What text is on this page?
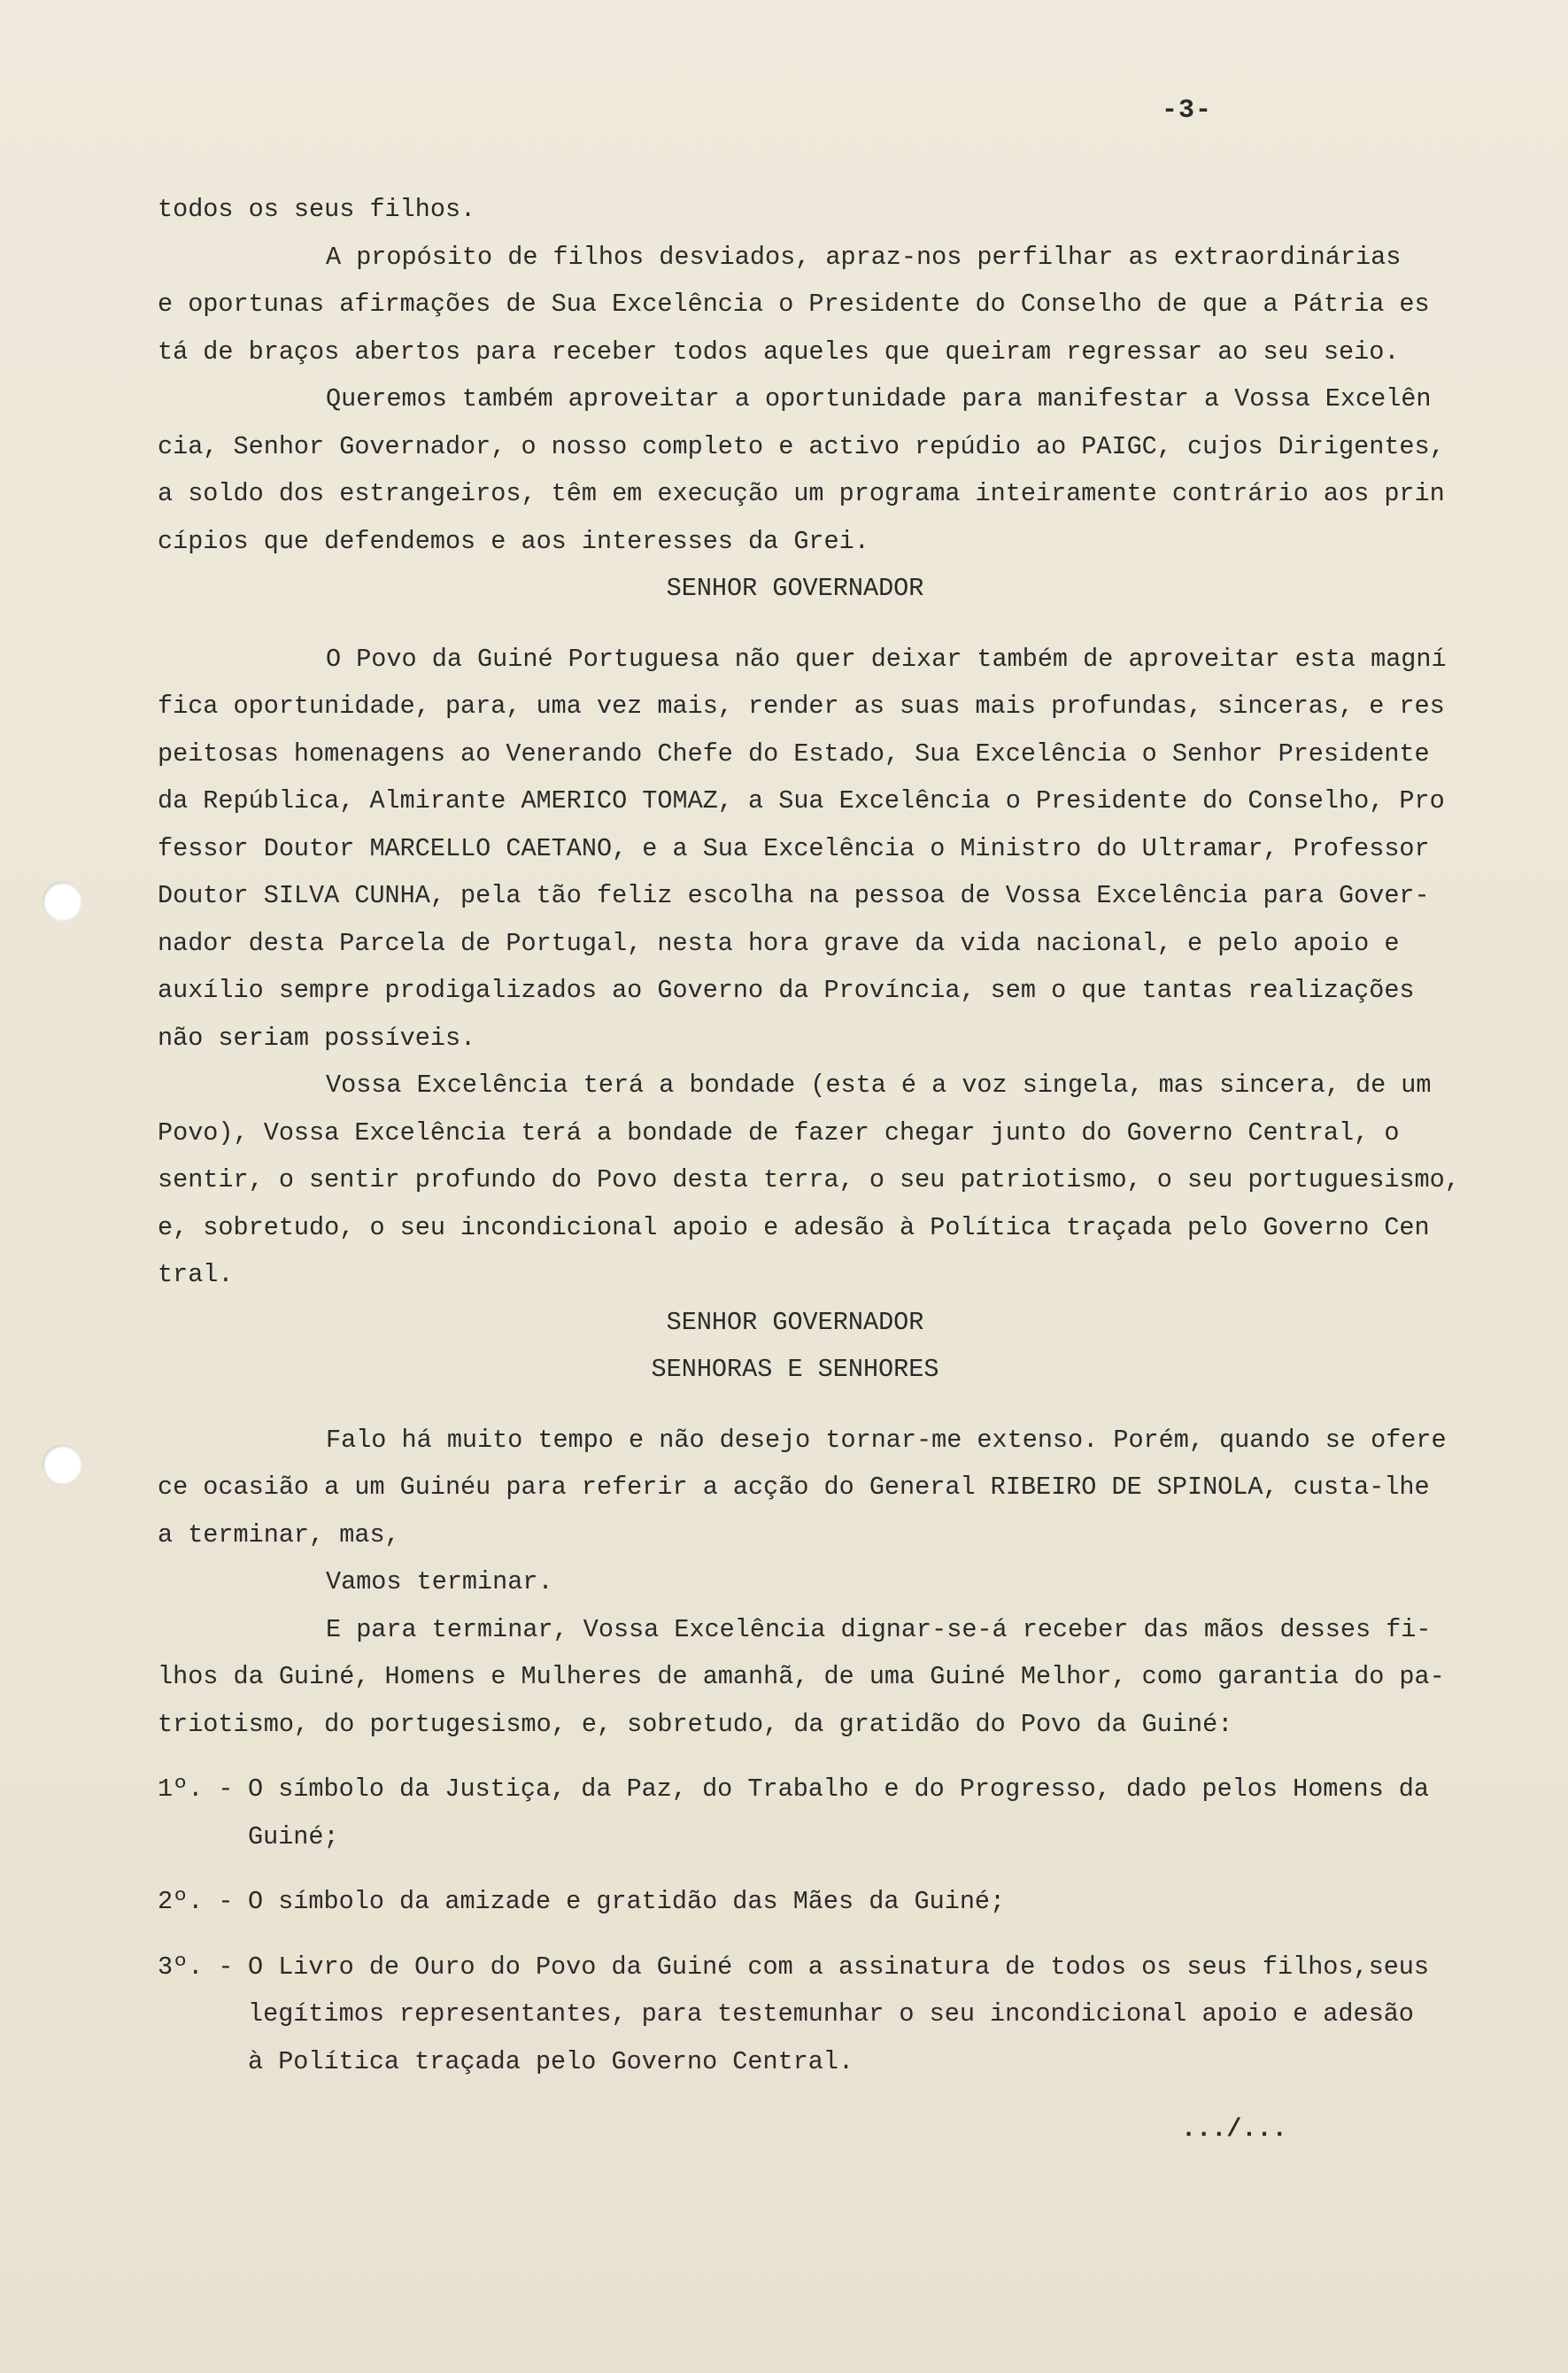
-3-
todos os seus filhos.
A propósito de filhos desviados, apraz-nos perfilhar as extraordinárias
e oportunas afirmações de Sua Excelência o Presidente do Conselho de que a Pátria es
tá de braços abertos para receber todos aqueles que queiram regressar ao seu seio.
Queremos também aproveitar a oportunidade para manifestar a Vossa Excelên
cia, Senhor Governador, o nosso completo e activo repúdio ao PAIGC, cujos Dirigentes,
a soldo dos estrangeiros, têm em execução um programa inteiramente contrário aos prin
cípios que defendemos e aos interesses da Grei.
SENHOR GOVERNADOR
O Povo da Guiné Portuguesa não quer deixar também de aproveitar esta magní
fica oportunidade, para, uma vez mais, render as suas mais profundas, sinceras, e res
peitosas homenagens ao Venerando Chefe do Estado, Sua Excelência o Senhor Presidente
da República, Almirante AMERICO TOMAZ, a Sua Excelência o Presidente do Conselho, Pro
fessor Doutor MARCELLO CAETANO, e a Sua Excelência o Ministro do Ultramar, Professor
Doutor SILVA CUNHA, pela tão feliz escolha na pessoa de Vossa Excelência para Gover-
nador desta Parcela de Portugal, nesta hora grave da vida nacional, e pelo apoio e
auxílio sempre prodigalizados ao Governo da Província, sem o que tantas realizações
não seriam possíveis.
Vossa Excelência terá a bondade (esta é a voz singela, mas sincera, de um
Povo), Vossa Excelência terá a bondade de fazer chegar junto do Governo Central, o
sentir, o sentir profundo do Povo desta terra, o seu patriotismo, o seu portuguesismo,
e, sobretudo, o seu incondicional apoio e adesão à Política traçada pelo Governo Cen
tral.
SENHOR GOVERNADOR
SENHORAS E SENHORES
Falo há muito tempo e não desejo tornar-me extenso. Porém, quando se ofere
ce ocasião a um Guinéu para referir a acção do General RIBEIRO DE SPINOLA, custa-lhe
a terminar, mas,
Vamos terminar.
E para terminar, Vossa Excelência dignar-se-á receber das mãos desses fi-
lhos da Guiné, Homens e Mulheres de amanhã, de uma Guiné Melhor, como garantia do pa-
triotismo, do portugesismo, e, sobretudo, da gratidão do Povo da Guiné:
1º. - O símbolo da Justiça, da Paz, do Trabalho e do Progresso, dado pelos Homens da
Guiné;
2º. - O símbolo da amizade e gratidão das Mães da Guiné;
3º. - O Livro de Ouro do Povo da Guiné com a assinatura de todos os seus filhos,seus
legítimos representantes, para testemunhar o seu incondicional apoio e adesão
à Política traçada pelo Governo Central.
.../...
